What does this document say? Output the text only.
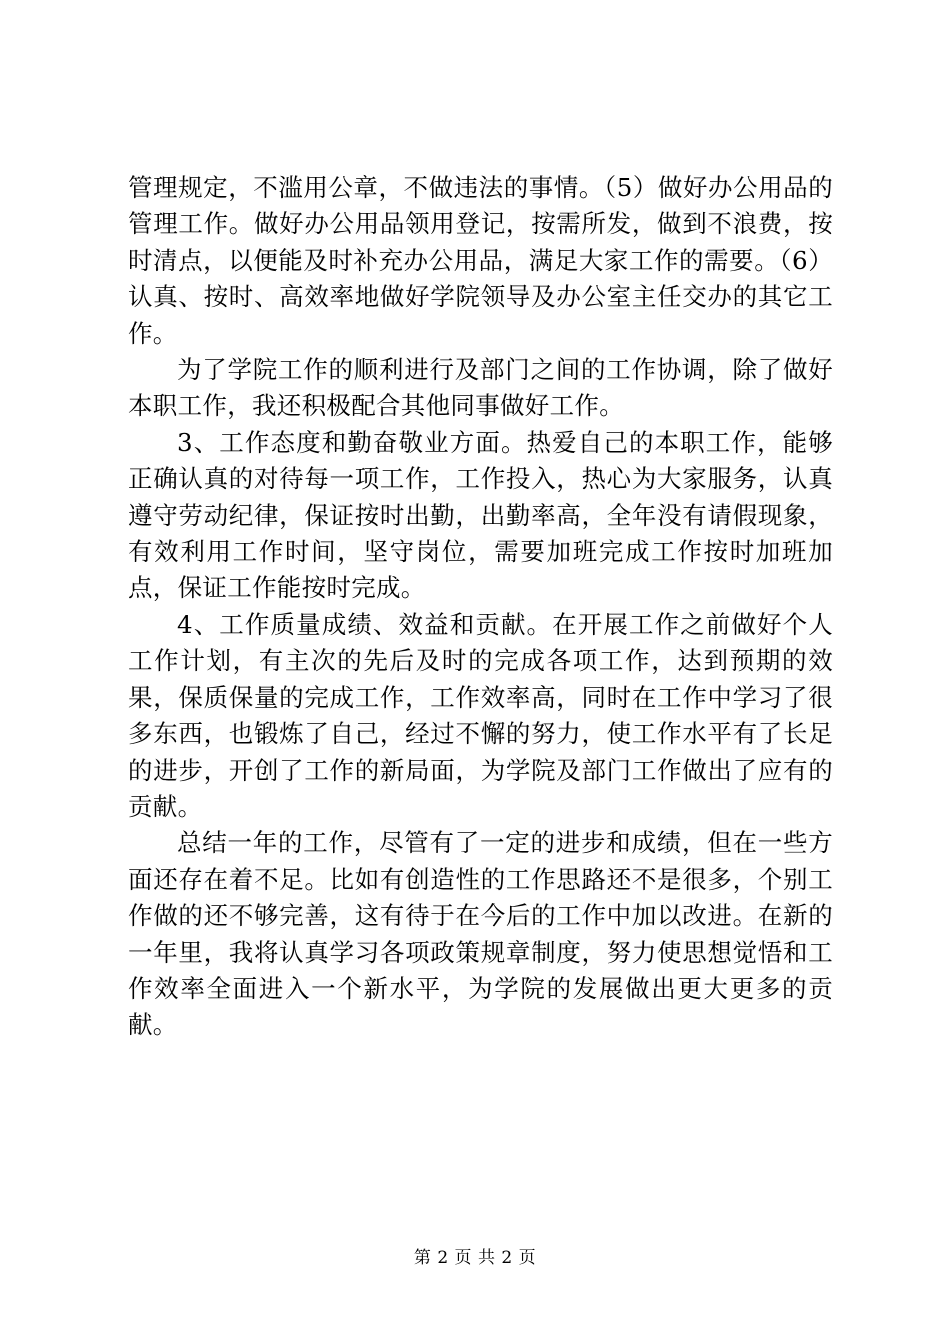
管理规定，不滥用公章，不做违法的事情。（5）做好办公用品的管理工作。做好办公用品领用登记，按需所发，做到不浪费，按时清点，以便能及时补充办公用品，满足大家工作的需要。（6）认真、按时、高效率地做好学院领导及办公室主任交办的其它工作。

为了学院工作的顺利进行及部门之间的工作协调，除了做好本职工作，我还积极配合其他同事做好工作。

3、工作态度和勤奋敬业方面。热爱自己的本职工作，能够正确认真的对待每一项工作，工作投入，热心为大家服务，认真遵守劳动纪律，保证按时出勤，出勤率高，全年没有请假现象，有效利用工作时间，坚守岗位，需要加班完成工作按时加班加点，保证工作能按时完成。

4、工作质量成绩、效益和贡献。在开展工作之前做好个人工作计划，有主次的先后及时的完成各项工作，达到预期的效果，保质保量的完成工作，工作效率高，同时在工作中学习了很多东西，也锻炼了自己，经过不懈的努力，使工作水平有了长足的进步，开创了工作的新局面，为学院及部门工作做出了应有的贡献。

总结一年的工作，尽管有了一定的进步和成绩，但在一些方面还存在着不足。比如有创造性的工作思路还不是很多，个别工作做的还不够完善，这有待于在今后的工作中加以改进。在新的一年里，我将认真学习各项政策规章制度，努力使思想觉悟和工作效率全面进入一个新水平，为学院的发展做出更大更多的贡献。

第 2 页 共 2 页
